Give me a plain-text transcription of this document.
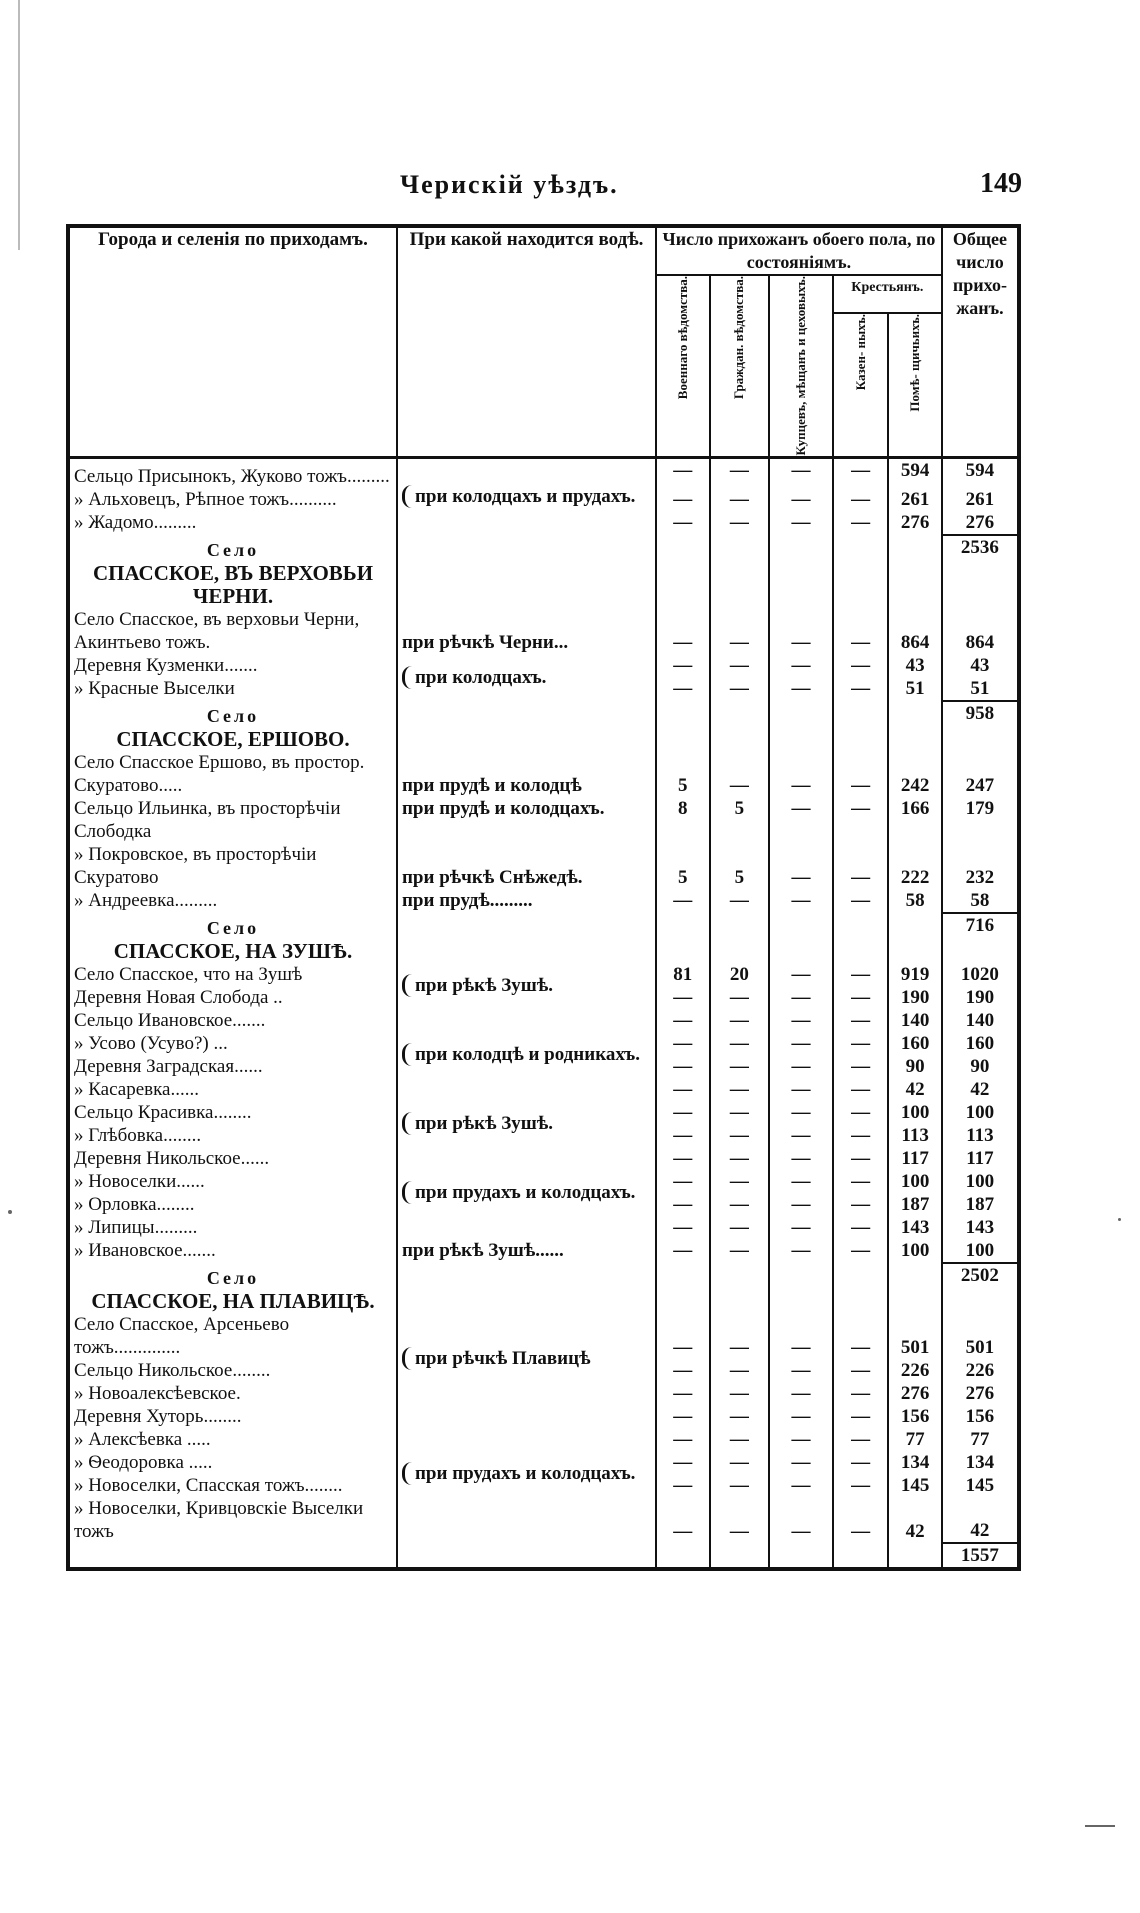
Черискій уѣздъ.	149
Города и селенія по приходамъ.	При какой находится водѣ.	Число прихожанъ обоего пола, по состояніямъ.					Общее число прихо- жанъ.

		Военнаго вѣдомства.	Граждан. вѣдомства.	Купцевъ, мѣщанъ и цеховыхъ.	Крестьянъ.		

					Казен- ныхъ.	Помѣ- щичьихъ.	

Сельцо Присынокъ, Жуково тожъ.........	при колодцахъ и прудахъ.	—	—	—	—	594	594
» Альховецъ, Рѣпное тожъ..........		—	—	—	—	261	261
» Жадомо.........		—	—	—	—	276	276

Село
СПАССКОЕ, ВЪ ВЕРХОВЬИ ЧЕРНИ.							2536
Село Спасское, въ верховьи Черни, Акинтьево тожъ.	при рѣчкѣ Черни...	—	—	—	—	864	864
Деревня Кузменки.......	при колодцахъ.	—	—	—	—	43	43
» Красные Выселки		—	—	—	—	51	51

Село
СПАССКОЕ, ЕРШОВО.							958
Село Спасское Ершово, въ простор. Скуратово.....	при прудѣ и колодцѣ	5	—	—	—	242	247
Сельцо Ильинка, въ просторѣчіи Слободка	при прудѣ и колодцахъ.	8	5	—	—	166	179
» Покровское, въ просторѣчіи Скуратово	при рѣчкѣ Снѣжедѣ.	5	5	—	—	222	232
» Андреевка.........	при прудѣ.........	—	—	—	—	58	58

Село
СПАССКОЕ, НА ЗУШѢ.							716
Село Спасское, что на Зушѣ	при рѣкѣ Зушѣ.	81	20	—	—	919	1020
Деревня Новая Слобода ..		—	—	—	—	190	190
Сельцо Ивановское.......	при колодцѣ и родникахъ.	—	—	—	—	140	140
» Усово (Усуво?) ...		—	—	—	—	160	160
Деревня Заградская......		—	—	—	—	90	90
» Касаревка......		—	—	—	—	42	42
Сельцо Красивка........	при рѣкѣ Зушѣ.	—	—	—	—	100	100
» Глѣбовка........		—	—	—	—	113	113
Деревня Никольское......	при прудахъ и колодцахъ.	—	—	—	—	117	117
» Новоселки......		—	—	—	—	100	100
» Орловка........		—	—	—	—	187	187
» Липицы.........		—	—	—	—	143	143
» Ивановское.......	при рѣкѣ Зушѣ......	—	—	—	—	100	100

Село
СПАССКОЕ, НА ПЛАВИЦѢ.							2502
Село Спасское, Арсеньево тожъ..............	при рѣчкѣ Плавицѣ	—	—	—	—	501	501
Сельцо Никольское........		—	—	—	—	226	226
» Новоалексѣевское.		—	—	—	—	276	276
Деревня Хуторь........	при прудахъ и колодцахъ.	—	—	—	—	156	156
» Алексѣевка .....		—	—	—	—	77	77
» Ѳеодоровка .....		—	—	—	—	134	134
» Новоселки, Спасская тожъ........		—	—	—	—	145	145
» Новоселки, Кривцовскіе Выселки тожъ		—	—	—	—	42	42
							1557
